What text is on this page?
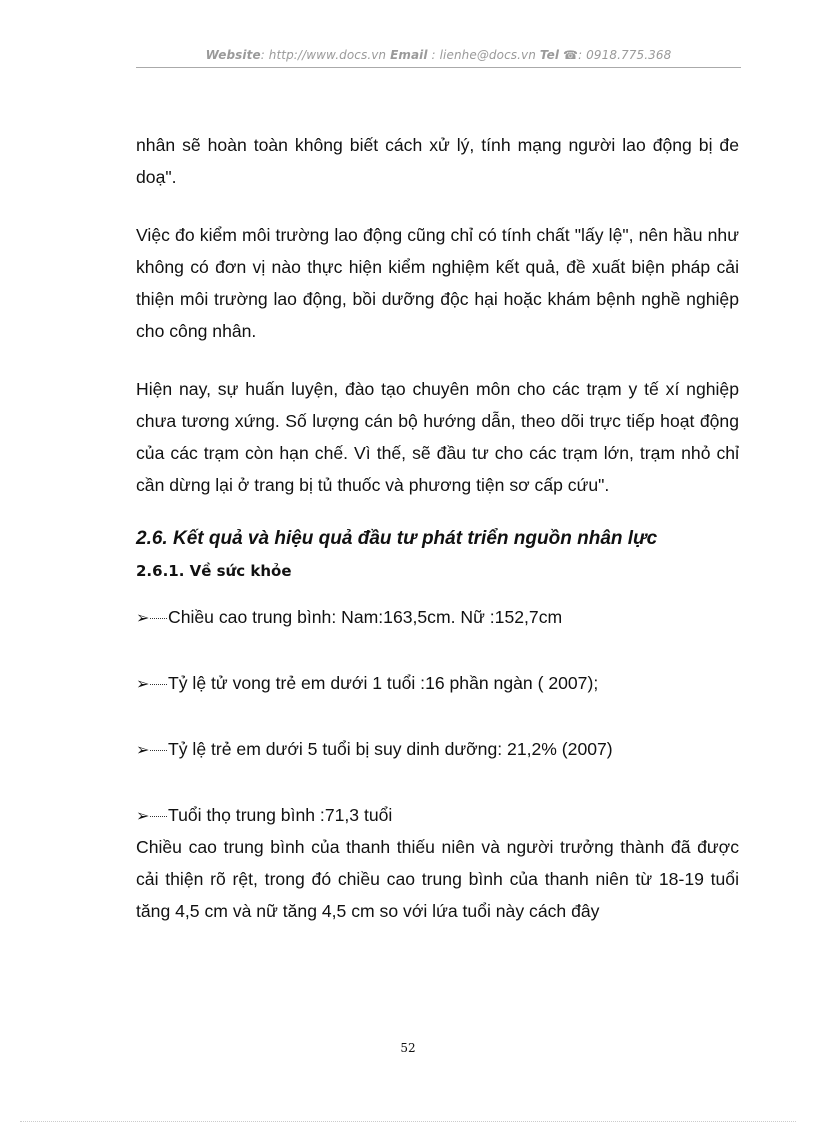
Website: http://www.docs.vn Email : lienhe@docs.vn Tel ☎: 0918.775.368

nhân sẽ hoàn toàn không biết cách xử lý, tính mạng người lao động bị đe doạ".

Việc đo kiểm môi trường lao động cũng chỉ có tính chất "lấy lệ", nên hầu như không có đơn vị nào thực hiện kiểm nghiệm kết quả, đề xuất biện pháp cải thiện môi trường lao động, bồi dưỡng độc hại hoặc khám bệnh nghề nghiệp cho công nhân.

Hiện nay, sự huấn luyện, đào tạo chuyên môn cho các trạm y tế xí nghiệp chưa tương xứng. Số lượng cán bộ hướng dẫn, theo dõi trực tiếp hoạt động của các trạm còn hạn chế. Vì thế, sẽ đầu tư cho các trạm lớn, trạm nhỏ chỉ cần dừng lại ở trang bị tủ thuốc và phương tiện sơ cấp cứu".

2.6. Kết quả và hiệu quả đầu tư phát triển nguồn nhân lực
2.6.1. Về sức khỏe
➢ Chiều cao trung bình: Nam:163,5cm. Nữ :152,7cm
➢ Tỷ lệ tử vong trẻ em dưới 1 tuổi :16 phần ngàn ( 2007);
➢ Tỷ lệ trẻ em dưới 5 tuổi bị suy dinh dưỡng: 21,2% (2007)
➢ Tuổi thọ trung bình :71,3 tuổi

Chiều cao trung bình của thanh thiếu niên và người trưởng thành đã được cải thiện rõ rệt, trong đó chiều cao trung bình của thanh niên từ 18-19 tuổi tăng 4,5 cm và nữ tăng 4,5 cm so với lứa tuổi này cách đây

52
